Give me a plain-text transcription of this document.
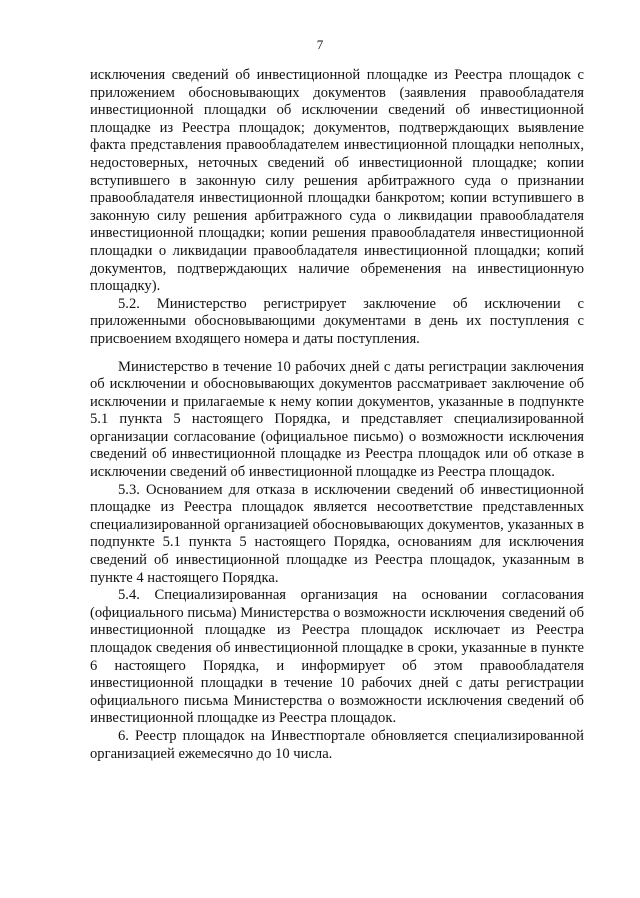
7

исключения сведений об инвестиционной площадке из Реестра площадок с приложением обосновывающих документов (заявления правообладателя инвестиционной площадки об исключении сведений об инвестиционной площадке из Реестра площадок; документов, подтверждающих выявление факта представления правообладателем инвестиционной площадки неполных, недостоверных, неточных сведений об инвестиционной площадке; копии вступившего в законную силу решения арбитражного суда о признании правообладателя инвестиционной площадки банкротом; копии вступившего в законную силу решения арбитражного суда о ликвидации правообладателя инвестиционной площадки; копии решения правообладателя инвестиционной площадки о ликвидации правообладателя инвестиционной площадки; копий документов, подтверждающих наличие обременения на инвестиционную площадку).

5.2. Министерство регистрирует заключение об исключении с приложенными обосновывающими документами в день их поступления с присвоением входящего номера и даты поступления.

Министерство в течение 10 рабочих дней с даты регистрации заключения об исключении и обосновывающих документов рассматривает заключение об исключении и прилагаемые к нему копии документов, указанные в подпункте 5.1 пункта 5 настоящего Порядка, и представляет специализированной организации согласование (официальное письмо) о возможности исключения сведений об инвестиционной площадке из Реестра площадок или об отказе в исключении сведений об инвестиционной площадке из Реестра площадок.

5.3. Основанием для отказа в исключении сведений об инвестиционной площадке из Реестра площадок является несоответствие представленных специализированной организацией обосновывающих документов, указанных в подпункте 5.1 пункта 5 настоящего Порядка, основаниям для исключения сведений об инвестиционной площадке из Реестра площадок, указанным в пункте 4 настоящего Порядка.

5.4. Специализированная организация на основании согласования (официального письма) Министерства о возможности исключения сведений об инвестиционной площадке из Реестра площадок исключает из Реестра площадок сведения об инвестиционной площадке в сроки, указанные в пункте 6 настоящего Порядка, и информирует об этом правообладателя инвестиционной площадки в течение 10 рабочих дней с даты регистрации официального письма Министерства о возможности исключения сведений об инвестиционной площадке из Реестра площадок.

6. Реестр площадок на Инвестпортале обновляется специализированной организацией ежемесячно до 10 числа.
